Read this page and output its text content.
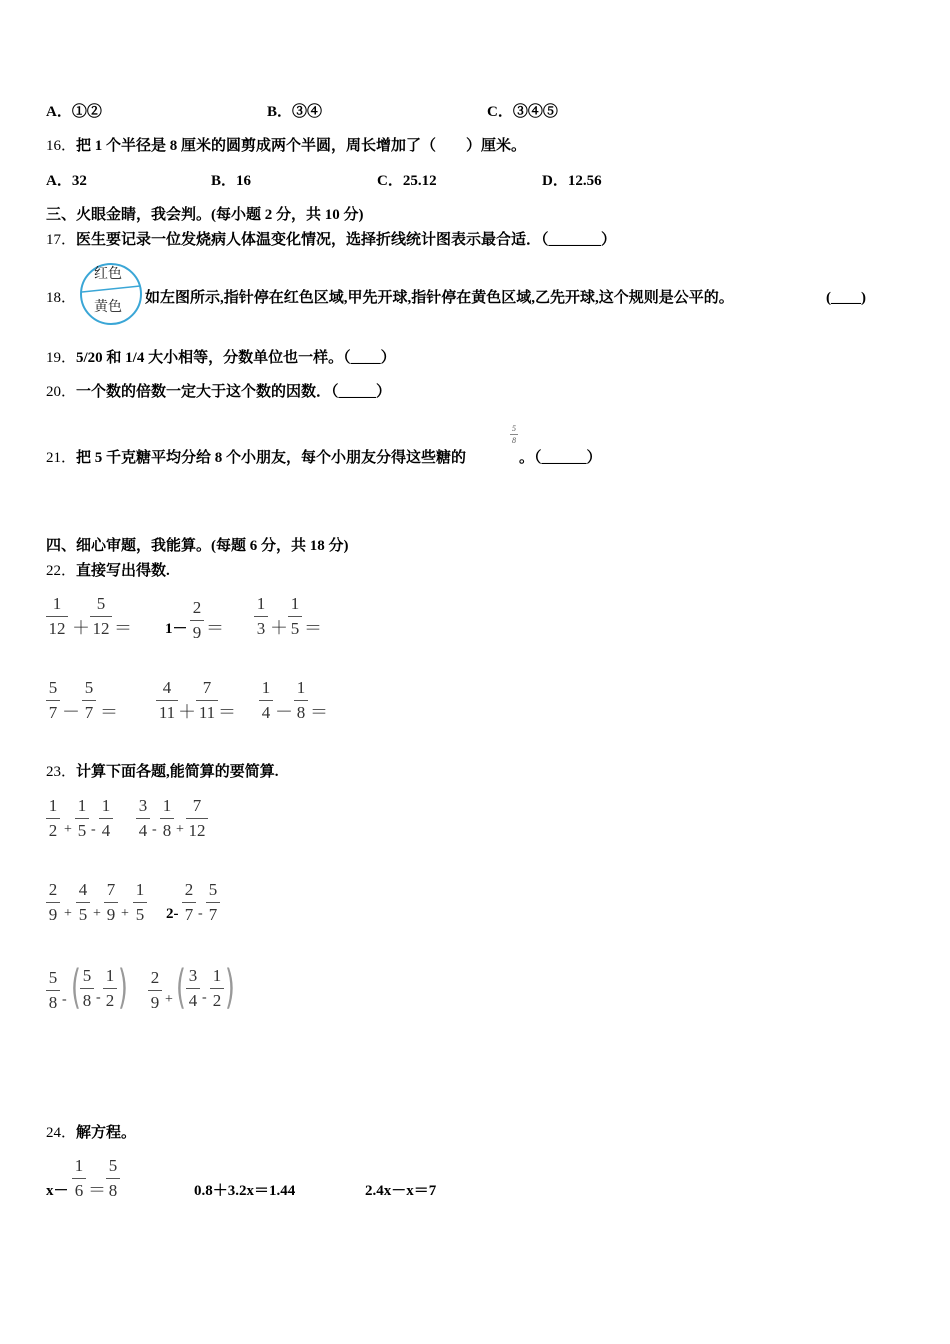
A．①②	B．③④	C．③④⑤
16．把 1 个半径是 8 厘米的圆剪成两个半圆，周长增加了（　　）厘米。
A．32	B．16	C．25.12	D．12.56
三、火眼金睛，我会判。(每小题 2 分，共 10 分)
17．医生要记录一位发烧病人体温变化情况，选择折线统计图表示最合适．（_______）
18．
红色
黄色
如左图所示,指针停在红色区域,甲先开球,指针停在黄色区域,乙先开球,这个规则是公平的。	(____)
19．5/20 和 1/4 大小相等，分数单位也一样。（____）
20．一个数的倍数一定大于这个数的因数．（_____）
21．把 5 千克糖平均分给 8 个小朋友，每个小朋友分得这些糖的
5
8
。（______）
四、细心审题，我能算。(每题 6 分，共 18 分)
22．直接写出得数.
1
12 ＋
5
12 ＝ 1－
2
9 ＝
1
3 ＋
1
5 ＝
5
7 －
5
7 ＝
4
11 ＋
7
11 ＝
1
4 －
1
8 ＝
23．计算下面各题,能简算的要简算.
1
2 +
1
5 -
1
4
3
4 -
1
8 +
7
12
2
9 +
4
5 +
7
9 +
1
5 2-
2
7 -
5
7
5
8 - ( 5
8 -
1
2 ) 2
9 + ( 3
4 -
1
2 )
24．解方程。
x－
1
6 ＝
5
8	0.8＋3.2x＝1.44	2.4x－x＝7
